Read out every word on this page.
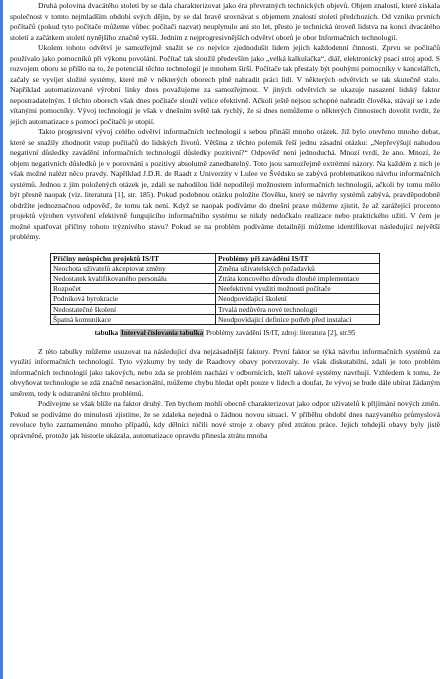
Druhá polovina dvacátého století by se dala charakterizovat jako éra převratných technických objevů. Objem znalostí, které získala společnost v tomto nejmladším období svých dějin, by se dal hravě srovnávat s objemem znalostí století předchozích. Od vzniku prvních počítačů (pokud tyto počítače můžeme vůbec počítači nazvat) neuplynulo ani sto let, přesto je technická úroveň lidstva na konci dvacátého století a začátkem století nynějšího značně vyšší. Jedním z nejprogresivnějších odvětví oborů je obor Informačních technologií.

Ukolem tohoto odvětví je samozřejmě snažit se co nejvíce zjednodušit lidem jejich každodenní činnosti. Zprvu se počítačů používalo jako pomocníků při výkonu povolání. Počítač tak sloužil především jako „velká kalkulačka“, diář, elektronický psací stroj apod. S rozvojem oboru se přišlo na to, že potenciál těchto technologií je mnohem širší. Počítače tak přestaly být pouhými pomocníky v kancelářích, začaly se vyvíjet složité systémy, které mě v některých oborech plně nahradit práci lidí. V některých odvětvích se tak skutečně stalo. Například automatizované výrobní linky dnes považujeme za samozřejmost. V jiných odvětvích se ukazuje nasazení lidský faktor nepostradatelným. I těchto oborech však dnes počítače slouží velice efektivně. Ačkoli ještě nejsou schopné nahradit člověka, stávají se i zde vítanými pomocníky. Vývoj technologií je však v dnešním světě tak rychlý, že si dnes nemůžeme o některých činnostech dovolit tvrdit, že jejich automatizace s pomocí počítačů je utopií.

Takto progresivní vývoj celého odvětví informačních technologií s sebou přináší mnoho otázek. Již bylo otevřeno mnoho debat, které se snažily zhodnotit vstup počítačů do lidských životů. Většina z těchto polemik řeší jednu zásadní otázku: „Nepřevýšují nahodou negativní důsledky zavádění informačních technologií důsledky pozitivní?“ Odpověď není jednoduchá. Mnozí tvrdí, že ano. Mnozí, že objem negativních důsledků je v porovnání s pozitivy absolutně zanedbatelný. Toto jsou samozřejmě extrémní názory. Na každém z nich je však možné nalézt něco pravdy. Například J.D.R. de Raadt z Univerzity v Lulee ve Švédsku se zabývá problematikou návrhu informačních systémů. Jednou z jím položených otázek je, zdali se nahodilou lidé nepodílejí možnostem informačních technologií, ačkoli by tomu mělo být přesně naopak (viz. literatura [1], str. 185). Pokud podobnou otázku položíte člověku, který se návrhy systémů zabývá, pravděpodobně obdržíte jednoznačnou odpověď, že tomu tak není. Když se naopak podíváme do dnešní praxe můžeme zjistit, že až zarážející procento projektů výroben vytvoření efektivně fungujícího informačního systému se nikdy nedočkalo realizace nebo praktického užití. V čem je možné spatřovat příčiny tohoto trýznivého stavu? Pokud se na problém podíváme detailněji můžeme identifikovat následující největší problémy.

Příčiny neúspěchu projektů IS/IT	Problémy při zavádění IS/IT
Neochota uživatelů akceptovat změny	Změna uživatelských požadavků
Nedostatek kvalifikovaného personálu	Ztráta koncového důvodu dlouhé implementace
Rozpočet	Neefektivní využití možností počítače
Podniková byrokracie	Neodpovídající školení
Nedostatečné školení	Trvalá nedůvěra nové technologii
Špatná komunikace	Neodpovídající definice potřeb před instalací
tabulka Interval číslovania tabulka Problémy zavádění IS/IT, zdroj: literatura [2], str.95

Z této tabulky můžeme usuzovat na následující dva nejzásadnější faktory. První faktor se týká návrhu informačních systémů za využití informačních technologií. Tyto výzkumy by tedy de Raadtovy obavy potvrzovaly. Je však diskutabilní, zdali je toto problém informačních technologií jako takových, nebo zda se problém nachází v odbornících, kteří takové systémy navrhují. Vzhledem k tomu, že obvyňovat technologie se zdá značně nesacionální, můžeme chybu hledat opět pouze v lidech a doufat, že vývoj se bude dále ubírat žádaným směrem, tedy k odstranění těchto problémů.

Podívejme se však blíže na faktor druhý. Ten bychom mohli obecně charakterizovat jako odpor uživatelů k přijímání nových změn. Pokud se podíváme do minulosti zjistíme, že se zdaleka nejedná o žádnou novou situaci. V příběhu období dnes nazývaného průmyslová revoluce bylo zaznamenáno mnoho případů, kdy dělníci ničili nové stroje z obavy před ztrátou práce. Jejich tehdejší obavy byly jistě oprávněné, protože jak historie ukázala, automatizace opravdu přinesla ztrátu mnoha
